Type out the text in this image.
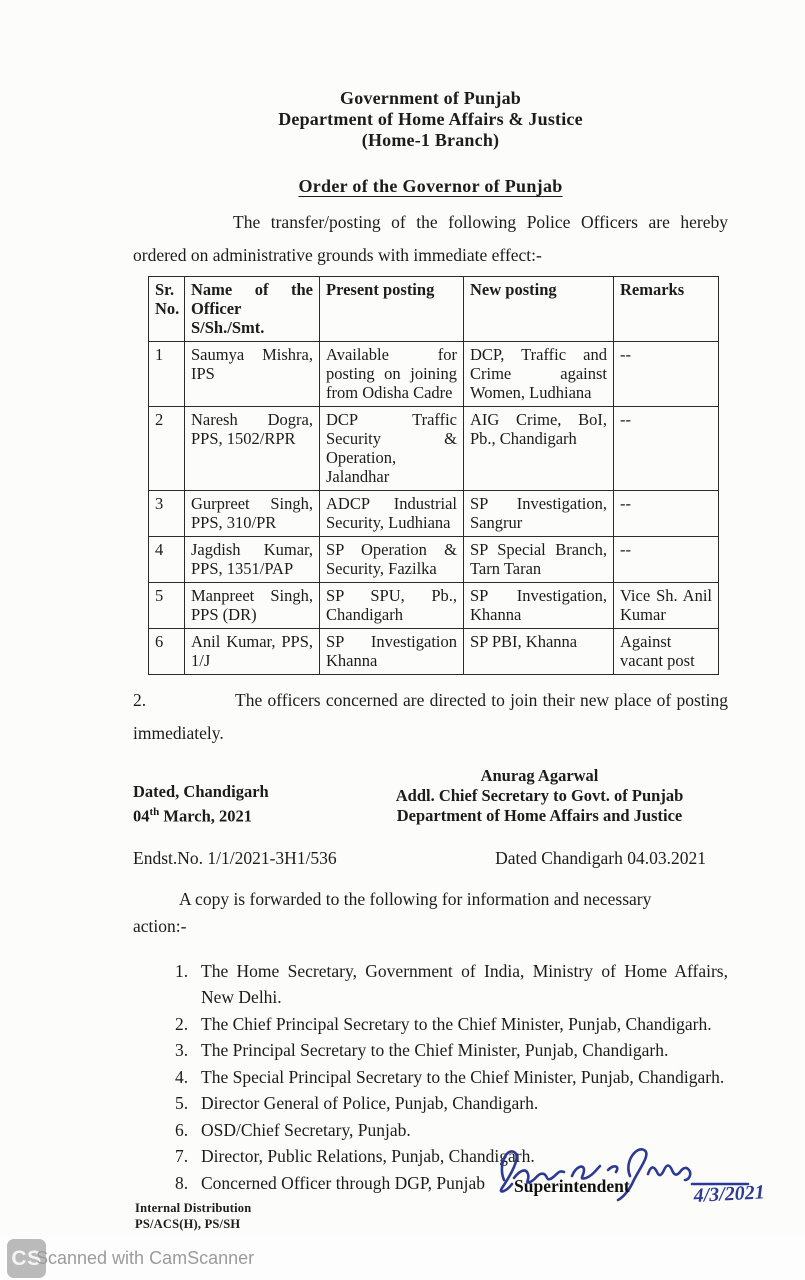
Government of Punjab
Department of Home Affairs & Justice
(Home-1 Branch)
Order of the Governor of Punjab

The transfer/posting of the following Police Officers are hereby ordered on administrative grounds with immediate effect:-

Sr. No.	Name of the Officer S/Sh./Smt.	Present posting	New posting	Remarks
1	Saumya Mishra, IPS	Available for posting on joining from Odisha Cadre	DCP, Traffic and Crime against Women, Ludhiana	--
2	Naresh Dogra, PPS, 1502/RPR	DCP Traffic Security & Operation, Jalandhar	AIG Crime, BoI, Pb., Chandigarh	--
3	Gurpreet Singh, PPS, 310/PR	ADCP Industrial Security, Ludhiana	SP Investigation, Sangrur	--
4	Jagdish Kumar, PPS, 1351/PAP	SP Operation & Security, Fazilka	SP Special Branch, Tarn Taran	--
5	Manpreet Singh, PPS (DR)	SP SPU, Pb., Chandigarh	SP Investigation, Khanna	Vice Sh. Anil Kumar
6	Anil Kumar, PPS, 1/J	SP Investigation Khanna	SP PBI, Khanna	Against vacant post

2.	The officers concerned are directed to join their new place of posting immediately.

Dated, Chandigarh
04th March, 2021
Anurag Agarwal
Addl. Chief Secretary to Govt. of Punjab
Department of Home Affairs and Justice
Endst.No. 1/1/2021-3H1/536	Dated Chandigarh 04.03.2021

A copy is forwarded to the following for information and necessary
action:-

1. The Home Secretary, Government of India, Ministry of Home Affairs, New Delhi.
2. The Chief Principal Secretary to the Chief Minister, Punjab, Chandigarh.
3. The Principal Secretary to the Chief Minister, Punjab, Chandigarh.
4. The Special Principal Secretary to the Chief Minister, Punjab, Chandigarh.
5. Director General of Police, Punjab, Chandigarh.
6. OSD/Chief Secretary, Punjab.
7. Director, Public Relations, Punjab, Chandigarh.
8. Concerned Officer through DGP, Punjab	4/3/2021
Superintendent
Internal Distribution
PS/ACS(H), PS/SH
CS
Scanned with CamScanner
